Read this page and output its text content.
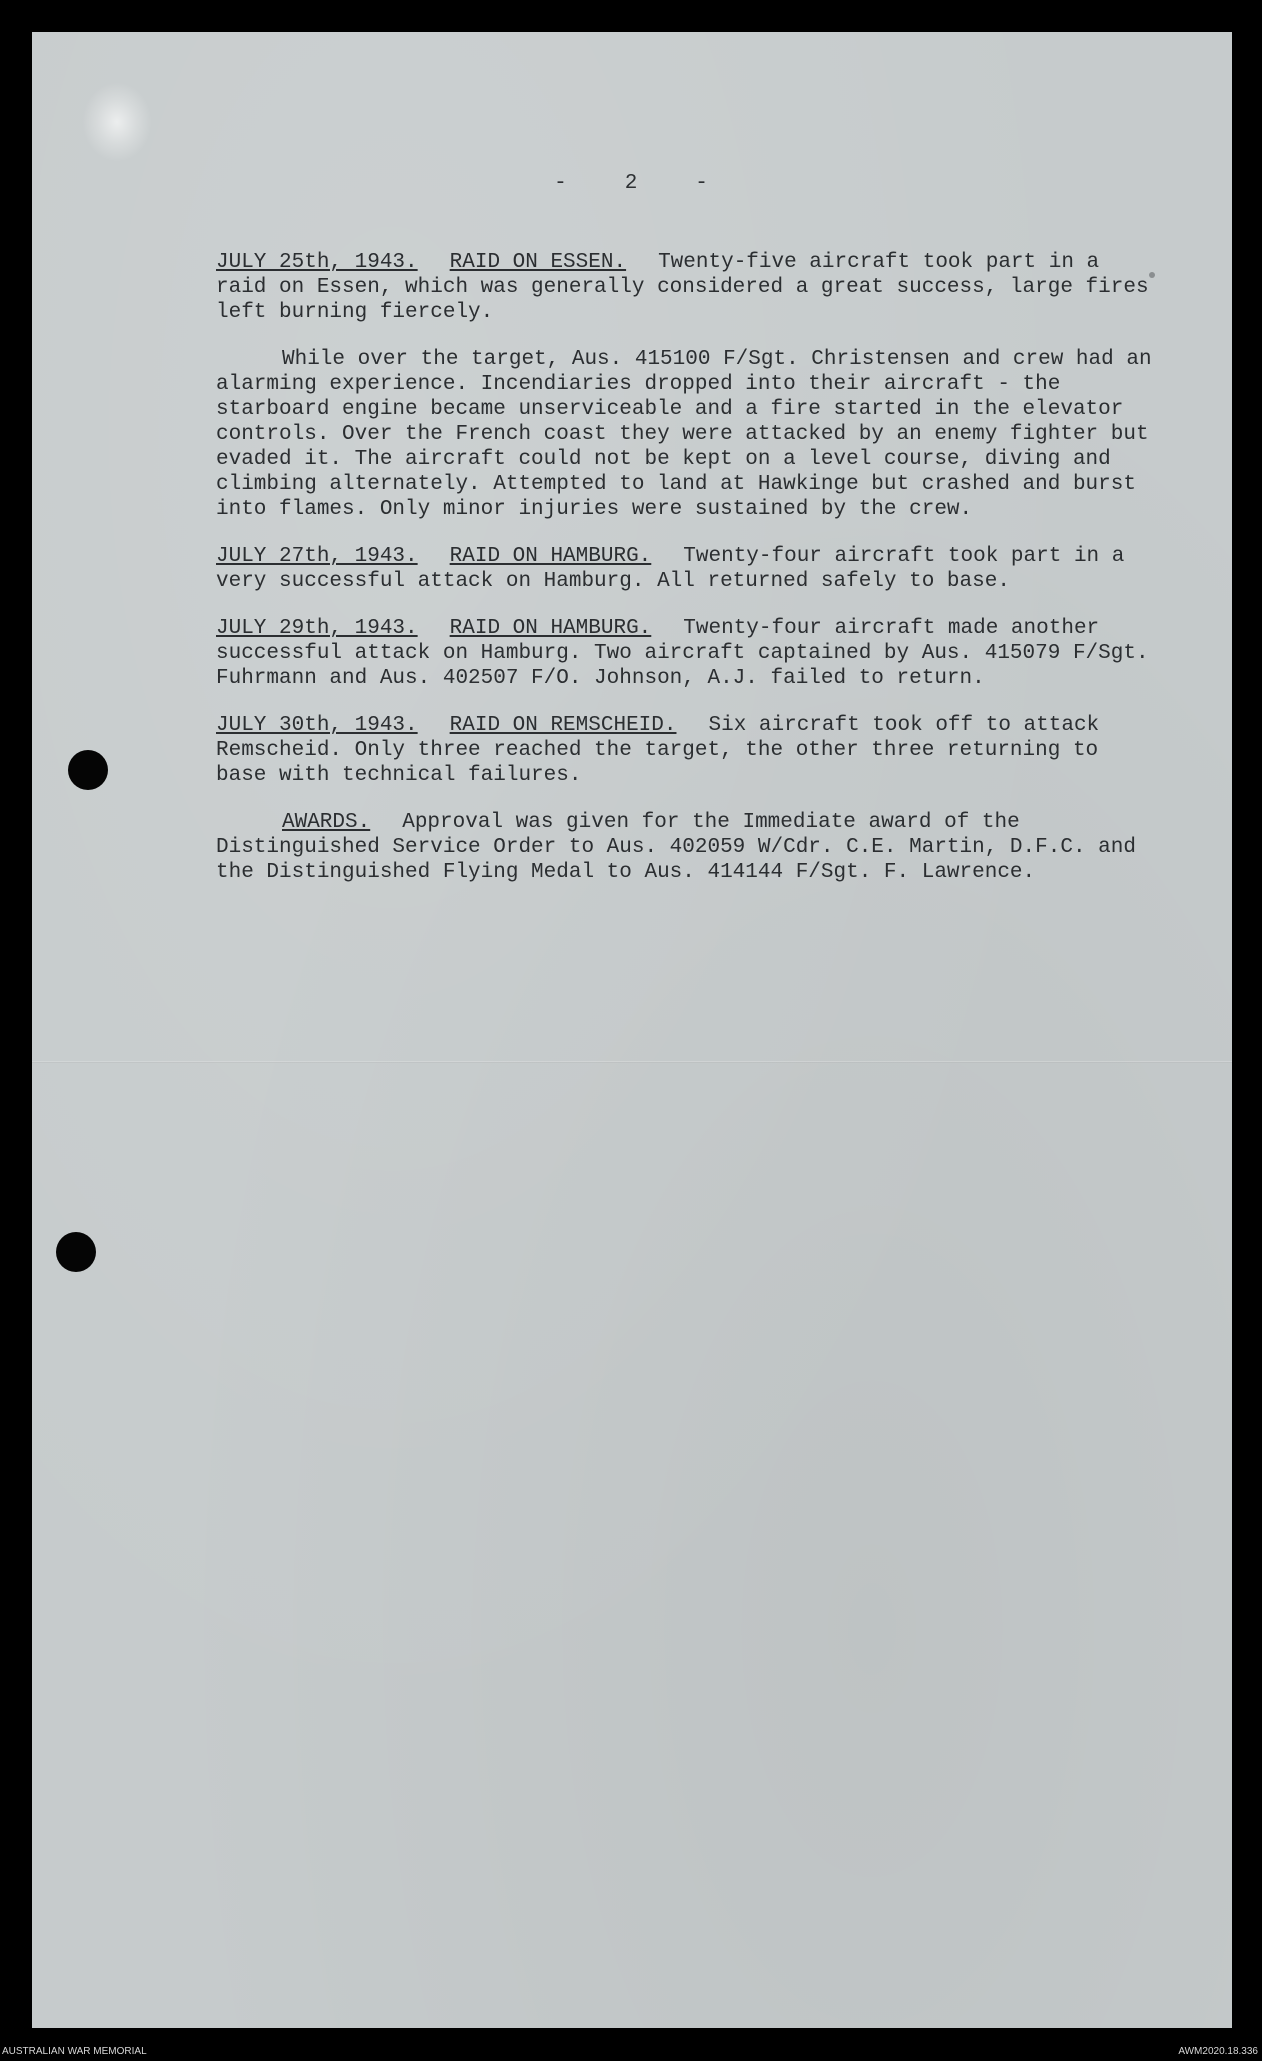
-	2	-

JULY 25th, 1943. RAID ON ESSEN. Twenty-five aircraft took part in a raid on Essen, which was generally considered a great success, large fires left burning fiercely.

While over the target, Aus. 415100 F/Sgt. Christensen and crew had an alarming experience. Incendiaries dropped into their aircraft - the starboard engine became unserviceable and a fire started in the elevator controls. Over the French coast they were attacked by an enemy fighter but evaded it. The aircraft could not be kept on a level course, diving and climbing alternately. Attempted to land at Hawkinge but crashed and burst into flames. Only minor injuries were sustained by the crew.

JULY 27th, 1943. RAID ON HAMBURG. Twenty-four aircraft took part in a very successful attack on Hamburg. All returned safely to base.

JULY 29th, 1943. RAID ON HAMBURG. Twenty-four aircraft made another successful attack on Hamburg. Two aircraft captained by Aus. 415079 F/Sgt. Fuhrmann and Aus. 402507 F/O. Johnson, A.J. failed to return.

JULY 30th, 1943. RAID ON REMSCHEID. Six aircraft took off to attack Remscheid. Only three reached the target, the other three returning to base with technical failures.

AWARDS. Approval was given for the Immediate award of the Distinguished Service Order to Aus. 402059 W/Cdr. C.E. Martin, D.F.C. and the Distinguished Flying Medal to Aus. 414144 F/Sgt. F. Lawrence.

AUSTRALIAN WAR MEMORIAL	AWM2020.18.336
